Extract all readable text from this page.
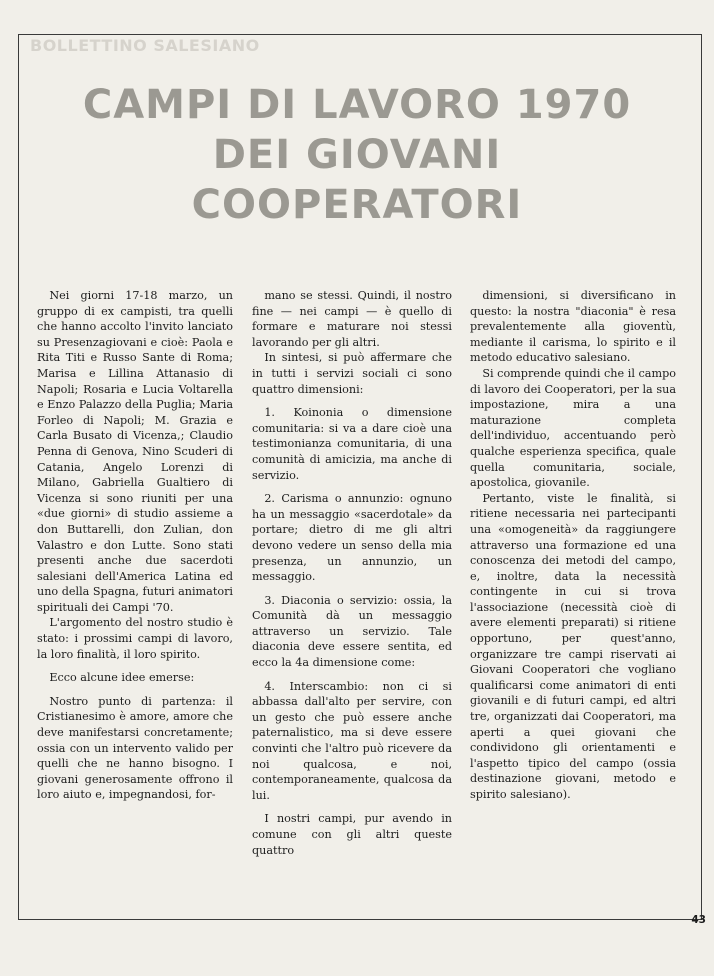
BOLLETTINO SALESIANO
CAMPI DI LAVORO 1970
DEI GIOVANI
COOPERATORI

Nei giorni 17-18 marzo, un gruppo di ex campisti, tra quelli che hanno accolto l'invito lanciato su Presenzagiovani e cioè: Paola e Rita Titi e Russo Sante di Roma; Marisa e Lillina Attanasio di Napoli; Rosaria e Lucia Voltarella e Enzo Palazzo della Puglia; Maria Forleo di Napoli; M. Grazia e Carla Busato di Vicenza,; Claudio Penna di Genova, Nino Scuderi di Catania, Angelo Lorenzi di Milano, Gabriella Gualtiero di Vicenza si sono riuniti per una «due giorni» di studio assieme a don Buttarelli, don Zulian, don Valastro e don Lutte. Sono stati presenti anche due sacerdoti salesiani dell'America Latina ed uno della Spagna, futuri animatori spirituali dei Campi '70.

L'argomento del nostro studio è stato: i prossimi campi di lavoro, la loro finalità, il loro spirito.

Ecco alcune idee emerse:

Nostro punto di partenza: il Cristianesimo è amore, amore che deve manifestarsi concretamente; ossia con un intervento valido per quelli che ne hanno bisogno. I giovani generosamente offrono il loro aiuto e, impegnandosi, for-

mano se stessi. Quindi, il nostro fine — nei campi — è quello di formare e maturare noi stessi lavorando per gli altri.

In sintesi, si può affermare che in tutti i servizi sociali ci sono quattro dimensioni:

1. Koinonia o dimensione comunitaria: si va a dare cioè una testimonianza comunitaria, di una comunità di amicizia, ma anche di servizio.

2. Carisma o annunzio: ognuno ha un messaggio «sacerdotale» da portare; dietro di me gli altri devono vedere un senso della mia presenza, un annunzio, un messaggio.

3. Diaconia o servizio: ossia, la Comunità dà un messaggio attraverso un servizio. Tale diaconia deve essere sentita, ed ecco la 4a dimensione come:

4. Interscambio: non ci si abbassa dall'alto per servire, con un gesto che può essere anche paternalistico, ma si deve essere convinti che l'altro può ricevere da noi qualcosa, e noi, contemporaneamente, qualcosa da lui.

I nostri campi, pur avendo in comune con gli altri queste quattro

dimensioni, si diversificano in questo: la nostra "diaconia" è resa prevalentemente alla gioventù, mediante il carisma, lo spirito e il metodo educativo salesiano.

Si comprende quindi che il campo di lavoro dei Cooperatori, per la sua impostazione, mira a una maturazione completa dell'individuo, accentuando però qualche esperienza specifica, quale quella comunitaria, sociale, apostolica, giovanile.

Pertanto, viste le finalità, si ritiene necessaria nei partecipanti una «omogeneità» da raggiungere attraverso una formazione ed una conoscenza dei metodi del campo, e, inoltre, data la necessità contingente in cui si trova l'associazione (necessità cioè di avere elementi preparati) si ritiene opportuno, per quest'anno, organizzare tre campi riservati ai Giovani Cooperatori che vogliano qualificarsi come animatori di enti giovanili e di futuri campi, ed altri tre, organizzati dai Cooperatori, ma aperti a quei giovani che condividono gli orientamenti e l'aspetto tipico del campo (ossia destinazione giovani, metodo e spirito salesiano).

43
